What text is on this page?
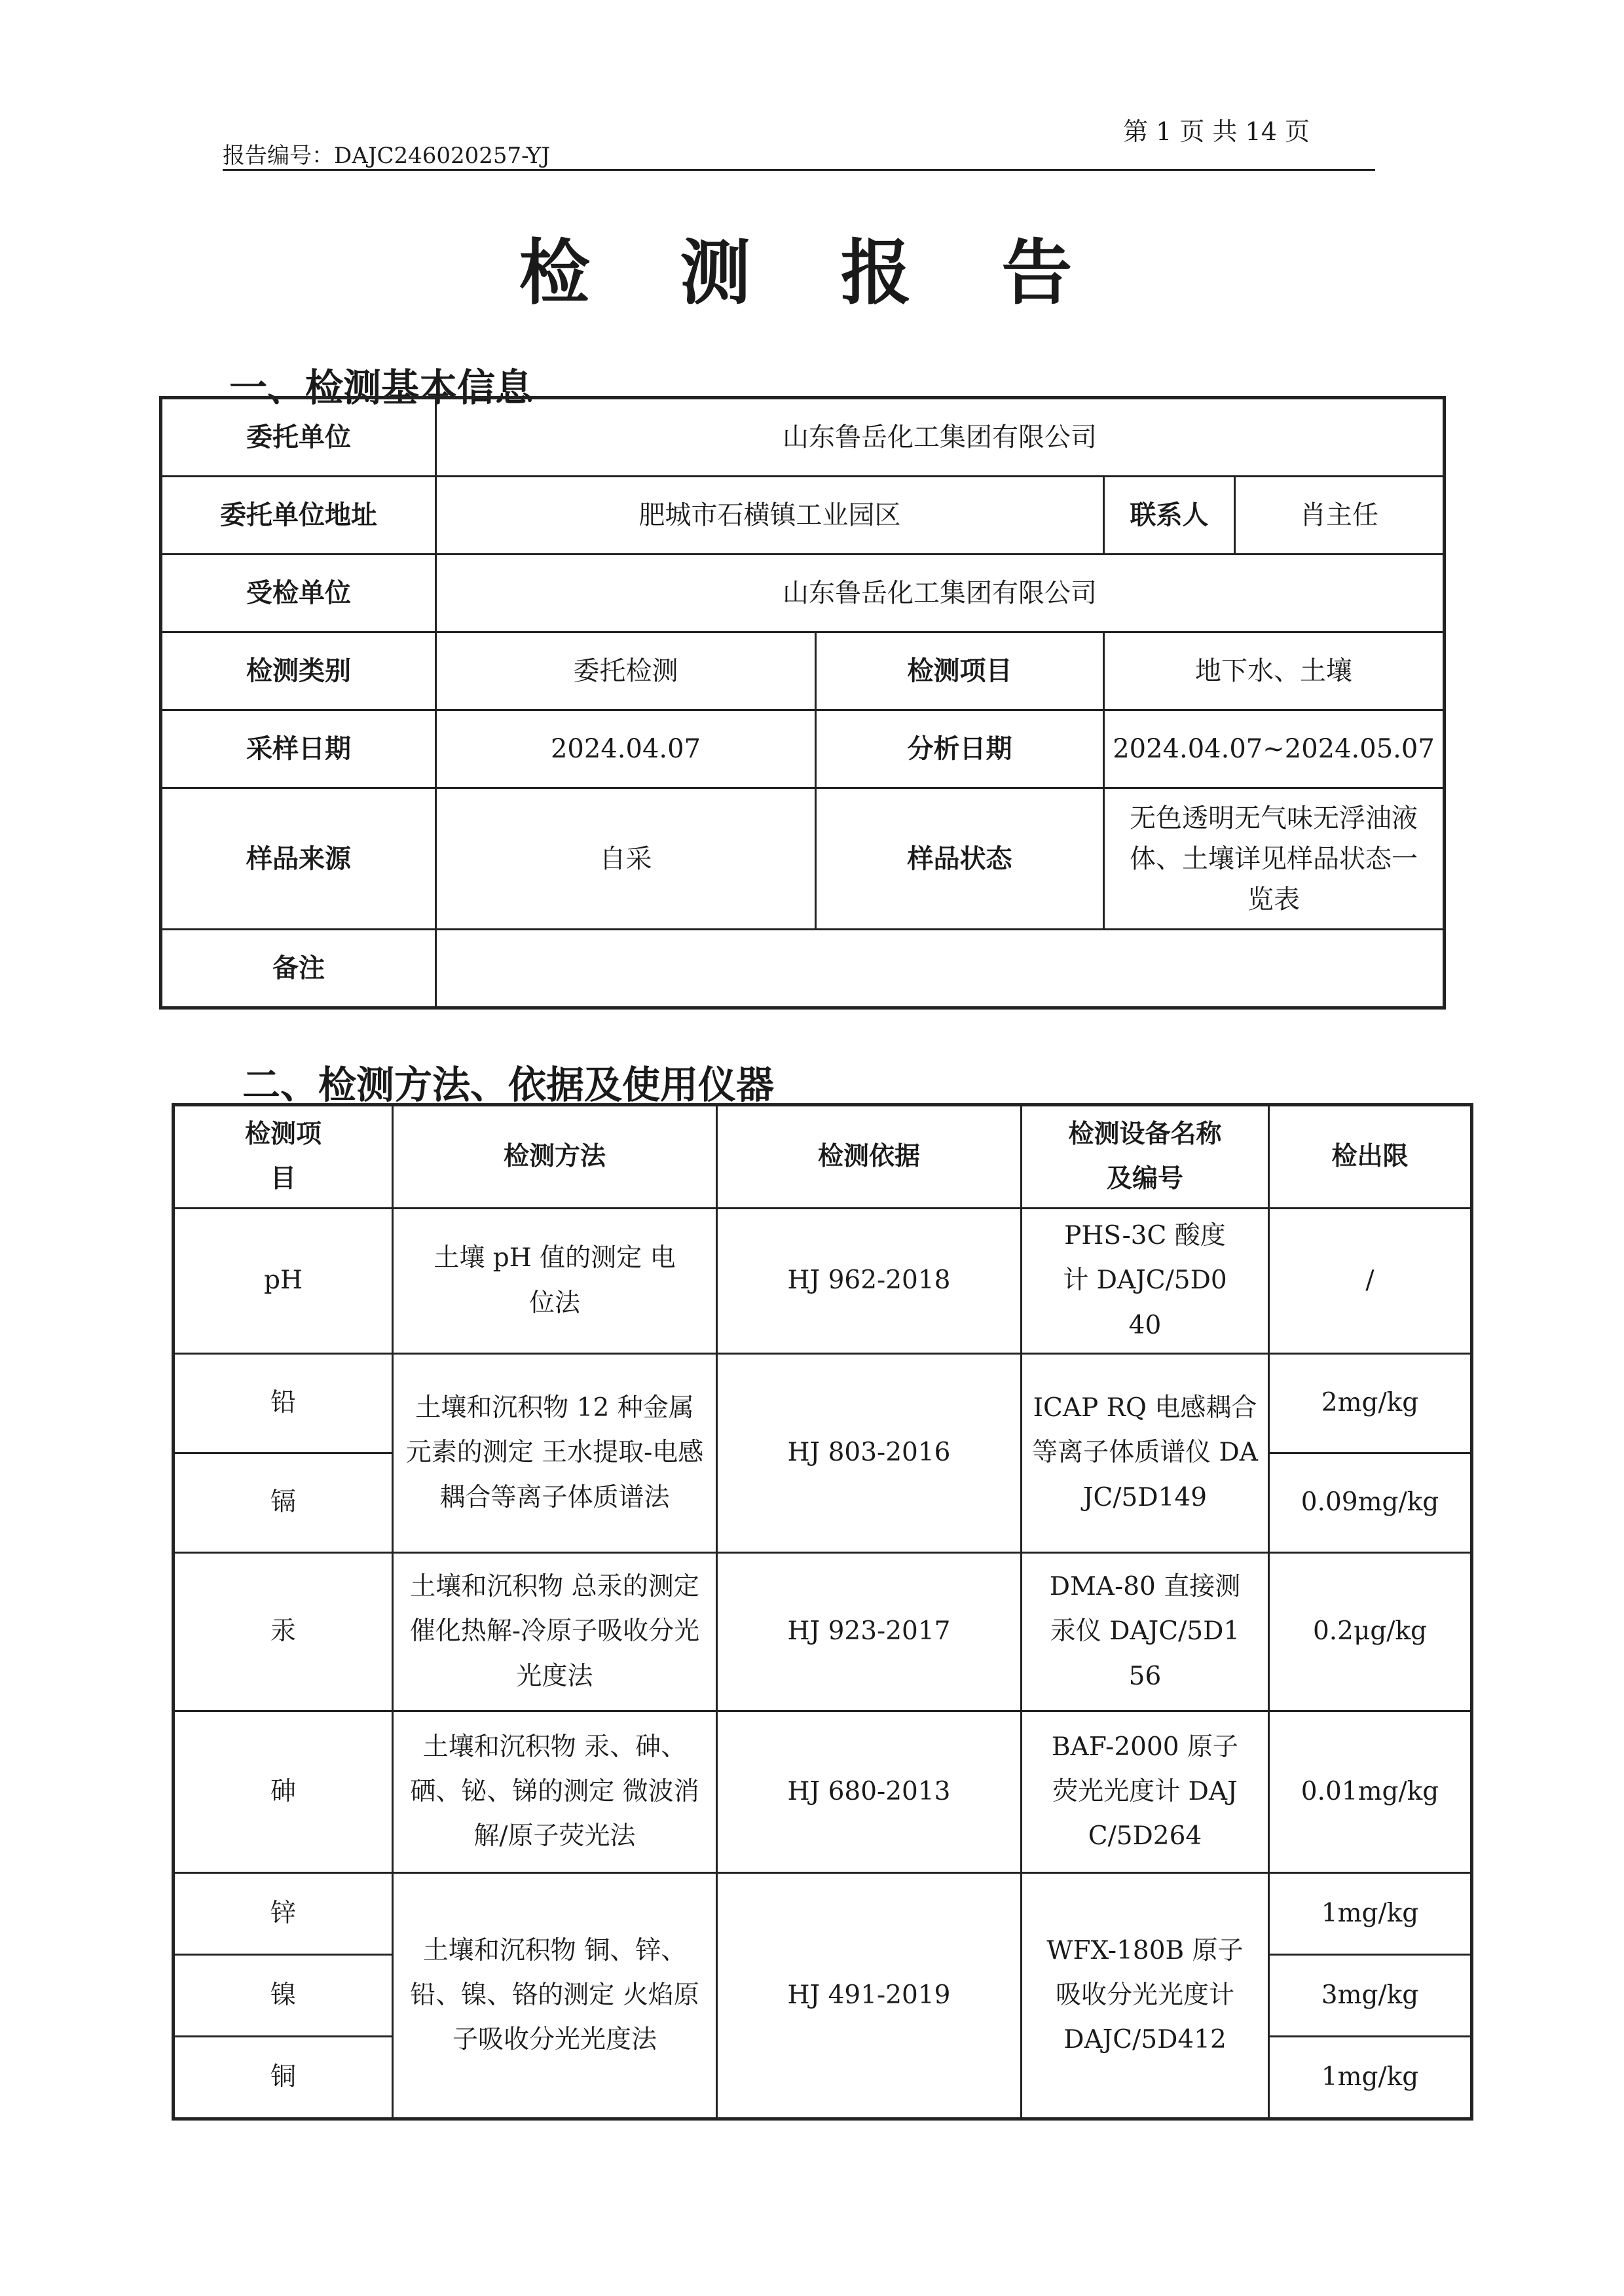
报告编号：DAJC246020257-YJ
第 1 页 共 14 页
检 测 报 告
一、检测基本信息
委托单位	山东鲁岳化工集团有限公司			
委托单位地址	肥城市石横镇工业园区		联系人	肖主任
受检单位	山东鲁岳化工集团有限公司			
检测类别	委托检测	检测项目	地下水、土壤	
采样日期	2024.04.07	分析日期	2024.04.07~2024.05.07	
样品来源	自采	样品状态	无色透明无气味无浮油液体、土壤详见样品状态一览表	
备注				
二、检测方法、依据及使用仪器
检测项目	检测方法	检测依据	检测设备名称及编号	检出限
pH	土壤 pH 值的测定 电位法	HJ 962-2018	PHS-3C 酸度计 DAJC/5D040	/
铅	土壤和沉积物 12 种金属元素的测定 王水提取-电感耦合等离子体质谱法	HJ 803-2016	ICAP RQ 电感耦合等离子体质谱仪 DAJC/5D149	2mg/kg
镉				0.09mg/kg
汞	土壤和沉积物 总汞的测定 催化热解-冷原子吸收分光光度法	HJ 923-2017	DMA-80 直接测汞仪 DAJC/5D156	0.2μg/kg
砷	土壤和沉积物 汞、砷、硒、铋、锑的测定 微波消解/原子荧光法	HJ 680-2013	BAF-2000 原子荧光光度计 DAJC/5D264	0.01mg/kg
锌	土壤和沉积物 铜、锌、铅、镍、铬的测定 火焰原子吸收分光光度法	HJ 491-2019	WFX-180B 原子吸收分光光度计 DAJC/5D412	1mg/kg
镍				3mg/kg
铜				1mg/kg
